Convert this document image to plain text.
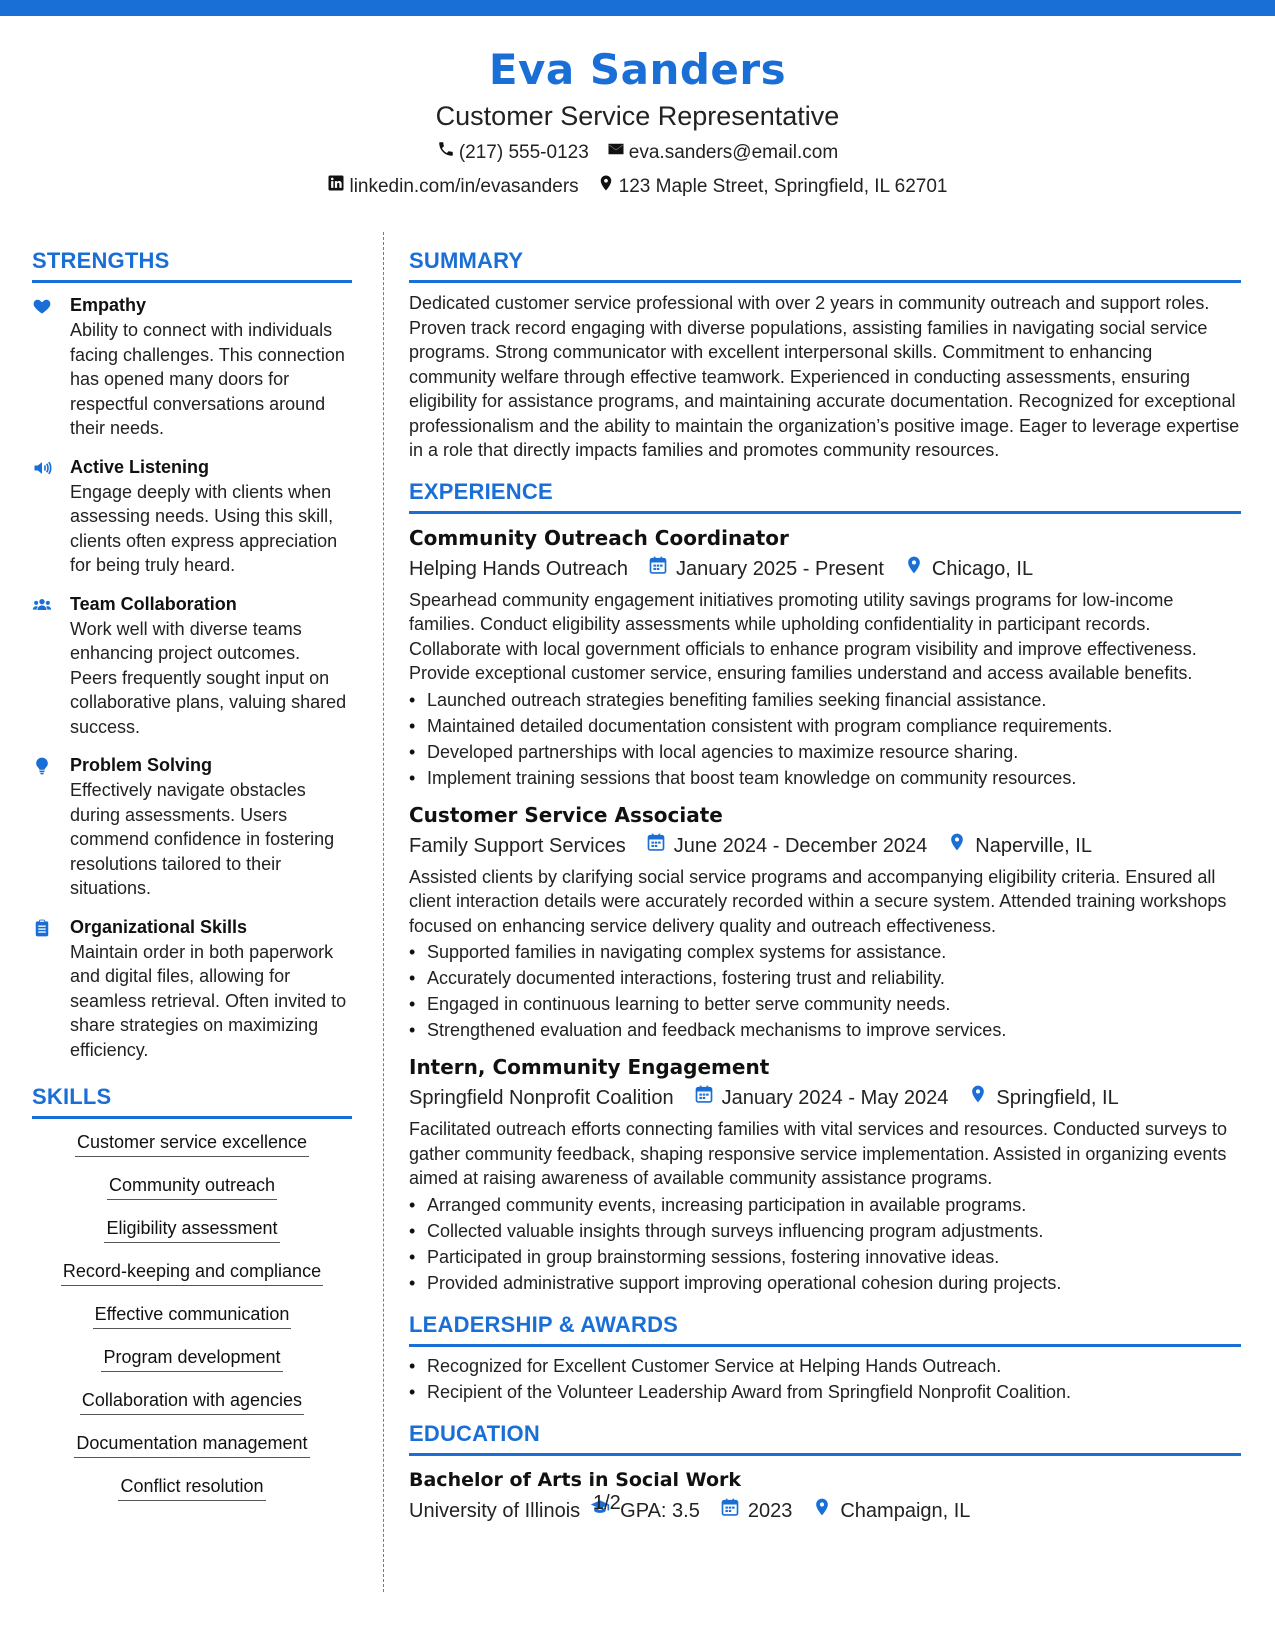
Eva Sanders
Customer Service Representative
(217) 555-0123 eva.sanders@email.com
linkedin.com/in/evasanders 123 Maple Street, Springfield, IL 62701
STRENGTHS
Empathy
Ability to connect with individuals facing challenges. This connection has opened many doors for respectful conversations around their needs.
Active Listening
Engage deeply with clients when assessing needs. Using this skill, clients often express appreciation for being truly heard.
Team Collaboration
Work well with diverse teams enhancing project outcomes. Peers frequently sought input on collaborative plans, valuing shared success.
Problem Solving
Effectively navigate obstacles during assessments. Users commend confidence in fostering resolutions tailored to their situations.
Organizational Skills
Maintain order in both paperwork and digital files, allowing for seamless retrieval. Often invited to share strategies on maximizing efficiency.
SKILLS
Customer service excellence
Community outreach
Eligibility assessment
Record-keeping and compliance
Effective communication
Program development
Collaboration with agencies
Documentation management
Conflict resolution
SUMMARY
Dedicated customer service professional with over 2 years in community outreach and support roles. Proven track record engaging with diverse populations, assisting families in navigating social service programs. Strong communicator with excellent interpersonal skills. Commitment to enhancing community welfare through effective teamwork. Experienced in conducting assessments, ensuring eligibility for assistance programs, and maintaining accurate documentation. Recognized for exceptional professionalism and the ability to maintain the organization’s positive image. Eager to leverage expertise in a role that directly impacts families and promotes community resources.
EXPERIENCE
Community Outreach Coordinator
Helping Hands Outreach January 2025 - Present Chicago, IL
Spearhead community engagement initiatives promoting utility savings programs for low-income families. Conduct eligibility assessments while upholding confidentiality in participant records. Collaborate with local government officials to enhance program visibility and improve effectiveness. Provide exceptional customer service, ensuring families understand and access available benefits.
• Launched outreach strategies benefiting families seeking financial assistance.
• Maintained detailed documentation consistent with program compliance requirements.
• Developed partnerships with local agencies to maximize resource sharing.
• Implement training sessions that boost team knowledge on community resources.
Customer Service Associate
Family Support Services June 2024 - December 2024 Naperville, IL
Assisted clients by clarifying social service programs and accompanying eligibility criteria. Ensured all client interaction details were accurately recorded within a secure system. Attended training workshops focused on enhancing service delivery quality and outreach effectiveness.
• Supported families in navigating complex systems for assistance.
• Accurately documented interactions, fostering trust and reliability.
• Engaged in continuous learning to better serve community needs.
• Strengthened evaluation and feedback mechanisms to improve services.
Intern, Community Engagement
Springfield Nonprofit Coalition January 2024 - May 2024 Springfield, IL
Facilitated outreach efforts connecting families with vital services and resources. Conducted surveys to gather community feedback, shaping responsive service implementation. Assisted in organizing events aimed at raising awareness of available community assistance programs.
• Arranged community events, increasing participation in available programs.
• Collected valuable insights through surveys influencing program adjustments.
• Participated in group brainstorming sessions, fostering innovative ideas.
• Provided administrative support improving operational cohesion during projects.
LEADERSHIP & AWARDS
• Recognized for Excellent Customer Service at Helping Hands Outreach.
• Recipient of the Volunteer Leadership Award from Springfield Nonprofit Coalition.
EDUCATION
Bachelor of Arts in Social Work
University of Illinois GPA: 3.5 2023 Champaign, IL
1/2
